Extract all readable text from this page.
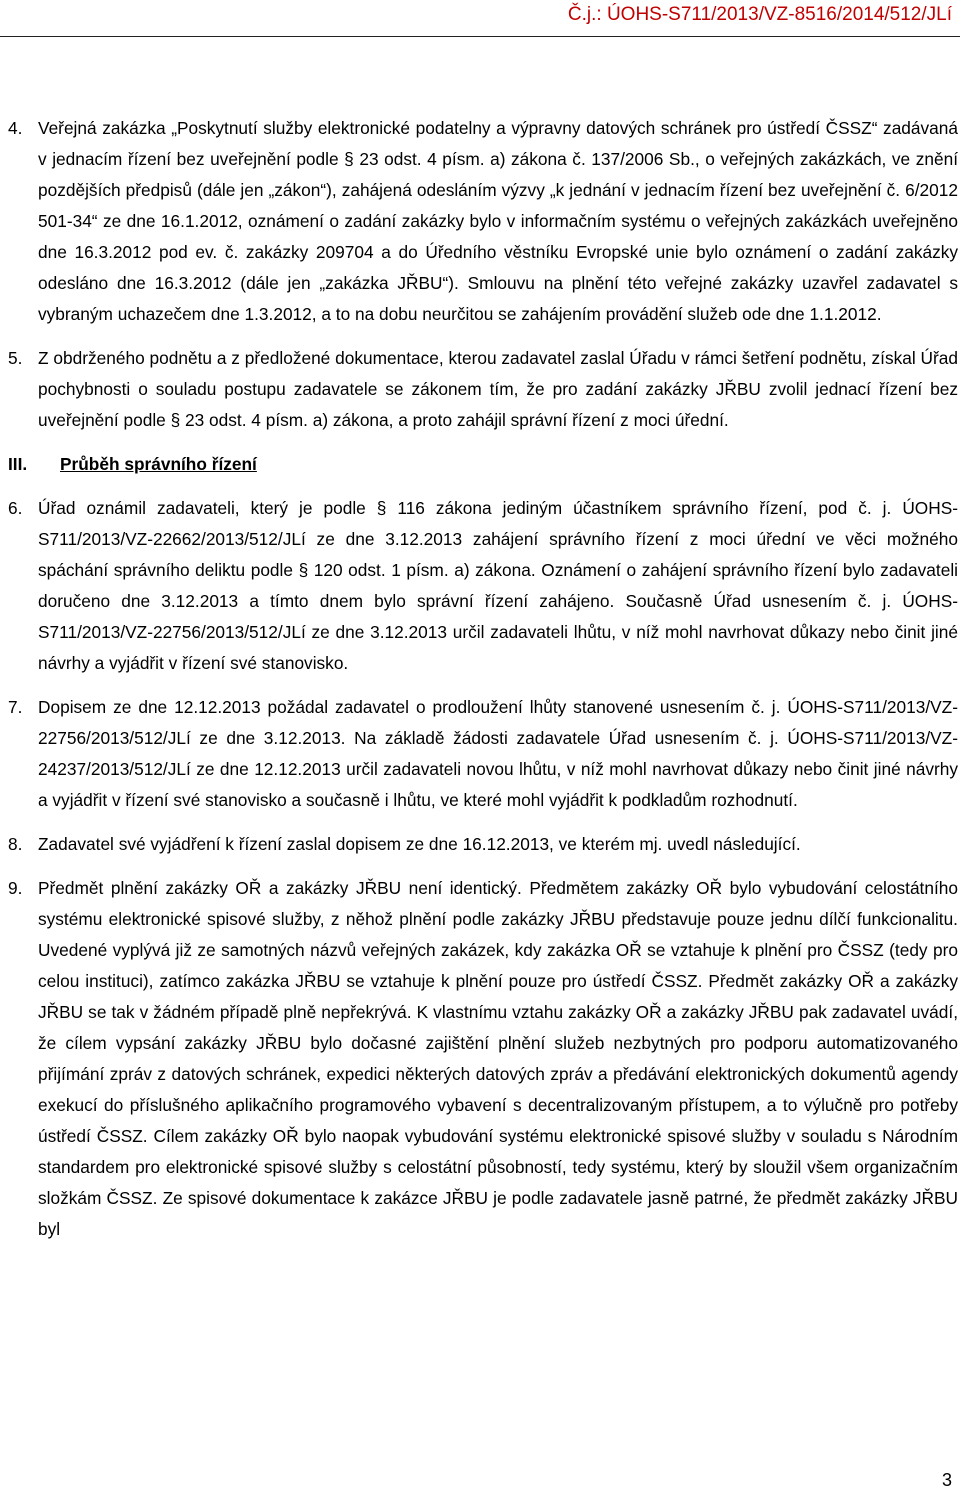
Č.j.: ÚOHS-S711/2013/VZ-8516/2014/512/JLí
4. Veřejná zakázka „Poskytnutí služby elektronické podatelny a výpravny datových schránek pro ústředí ČSSZ“ zadávaná v jednacím řízení bez uveřejnění podle § 23 odst. 4 písm. a) zákona č. 137/2006 Sb., o veřejných zakázkách, ve znění pozdějších předpisů (dále jen „zákon“), zahájená odesláním výzvy „k jednání v jednacím řízení bez uveřejnění č. 6/2012 501-34“ ze dne 16.1.2012, oznámení o zadání zakázky bylo v informačním systému o veřejných zakázkách uveřejněno dne 16.3.2012 pod ev. č. zakázky 209704 a do Úředního věstníku Evropské unie bylo oznámení o zadání zakázky odesláno dne 16.3.2012 (dále jen „zakázka JŘBU“). Smlouvu na plnění této veřejné zakázky uzavřel zadavatel s vybraným uchazečem dne 1.3.2012, a to na dobu neurčitou se zahájením provádění služeb ode dne 1.1.2012.
5. Z obdrženého podnětu a z předložené dokumentace, kterou zadavatel zaslal Úřadu v rámci šetření podnětu, získal Úřad pochybnosti o souladu postupu zadavatele se zákonem tím, že pro zadání zakázky JŘBU zvolil jednací řízení bez uveřejnění podle § 23 odst. 4 písm. a) zákona, a proto zahájil správní řízení z moci úřední.
III. Průběh správního řízení
6. Úřad oznámil zadavateli, který je podle § 116 zákona jediným účastníkem správního řízení, pod č. j. ÚOHS-S711/2013/VZ-22662/2013/512/JLí ze dne 3.12.2013 zahájení správního řízení z moci úřední ve věci možného spáchání správního deliktu podle § 120 odst. 1 písm. a) zákona. Oznámení o zahájení správního řízení bylo zadavateli doručeno dne 3.12.2013 a tímto dnem bylo správní řízení zahájeno. Současně Úřad usnesením č. j. ÚOHS-S711/2013/VZ-22756/2013/512/JLí ze dne 3.12.2013 určil zadavateli lhůtu, v níž mohl navrhovat důkazy nebo činit jiné návrhy a vyjádřit v řízení své stanovisko.
7. Dopisem ze dne 12.12.2013 požádal zadavatel o prodloužení lhůty stanovené usnesením č. j. ÚOHS-S711/2013/VZ-22756/2013/512/JLí ze dne 3.12.2013. Na základě žádosti zadavatele Úřad usnesením č. j. ÚOHS-S711/2013/VZ-24237/2013/512/JLí ze dne 12.12.2013 určil zadavateli novou lhůtu, v níž mohl navrhovat důkazy nebo činit jiné návrhy a vyjádřit v řízení své stanovisko a současně i lhůtu, ve které mohl vyjádřit k podkladům rozhodnutí.
8. Zadavatel své vyjádření k řízení zaslal dopisem ze dne 16.12.2013, ve kterém mj. uvedl následující.
9. Předmět plnění zakázky OŘ a zakázky JŘBU není identický. Předmětem zakázky OŘ bylo vybudování celostátního systému elektronické spisové služby, z něhož plnění podle zakázky JŘBU představuje pouze jednu dílčí funkcionalitu. Uvedené vyplývá již ze samotných názvů veřejných zakázek, kdy zakázka OŘ se vztahuje k plnění pro ČSSZ (tedy pro celou instituci), zatímco zakázka JŘBU se vztahuje k plnění pouze pro ústředí ČSSZ. Předmět zakázky OŘ a zakázky JŘBU se tak v žádném případě plně nepřekrývá. K vlastnímu vztahu zakázky OŘ a zakázky JŘBU pak zadavatel uvádí, že cílem vypsání zakázky JŘBU bylo dočasné zajištění plnění služeb nezbytných pro podporu automatizovaného přijímání zpráv z datových schránek, expedici některých datových zpráv a předávání elektronických dokumentů agendy exekucí do příslušného aplikačního programového vybavení s decentralizovaným přístupem, a to výlučně pro potřeby ústředí ČSSZ. Cílem zakázky OŘ bylo naopak vybudování systému elektronické spisové služby v souladu s Národním standardem pro elektronické spisové služby s celostátní působností, tedy systému, který by sloužil všem organizačním složkám ČSSZ. Ze spisové dokumentace k zakázce JŘBU je podle zadavatele jasně patrné, že předmět zakázky JŘBU byl
3
